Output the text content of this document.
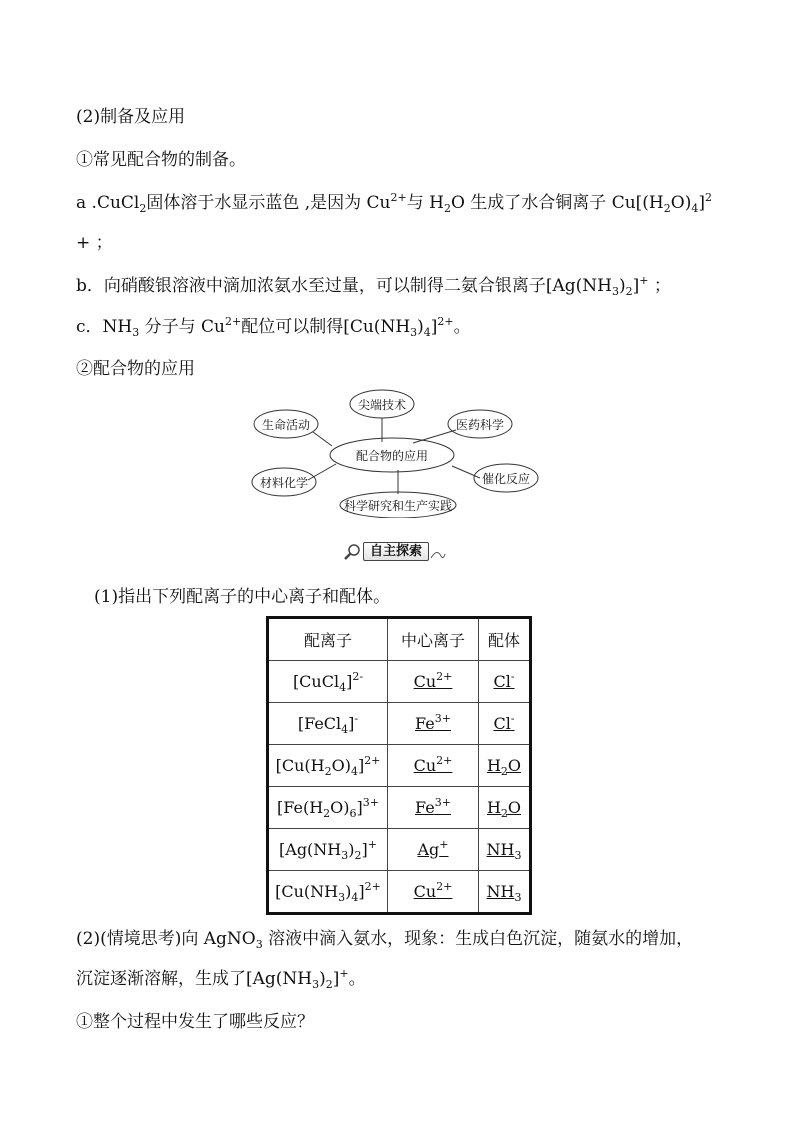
(2)制备及应用
①常见配合物的制备。
a .CuCl$_2$固体溶于水显示蓝色 ,是因为 $Cu^{2+}$与 $H_2O$ 生成了水合铜离子 $Cu[(H_2O)_4]^2$
+ ；
b．向硝酸银溶液中滴加浓氨水至过量，可以制得二氨合银离子$[Ag(NH_3)_2]^+$ ；
c．$NH_3$ 分子与 $Cu^{2+}$配位可以制得$[Cu(NH_3)_4]^{2+}$。
②配合物的应用
配合物的应用
尖端技术
医药科学
催化反应
科学研究和生产实践
材料化学
生命活动
自主探索
(1)指出下列配离子的中心离子和配体。
配离子	中心离子	配体
[CuCl$_4$]$^{2-}$	$Cu^{2+}$	Cl-
[FeCl$_4$]-	$Fe^{3+}$	Cl-
$[Cu(H_2O)_4]^{2+}$	$Cu^{2+}$	$H_2O$
$[Fe(H_2O)_6]^{3+}$	$Fe^{3+}$	$H_2O$
$[Ag(NH_3)_2]^+$	Ag+	$NH_3$
$[Cu(NH_3)_4]^{2+}$	$Cu^{2+}$	$NH_3$
(2)(情境思考)向 AgNO$_3$ 溶液中滴入氨水，现象：生成白色沉淀，随氨水的增加，
沉淀逐渐溶解，生成了$[Ag(NH_3)_2]^+$。
①整个过程中发生了哪些反应？
